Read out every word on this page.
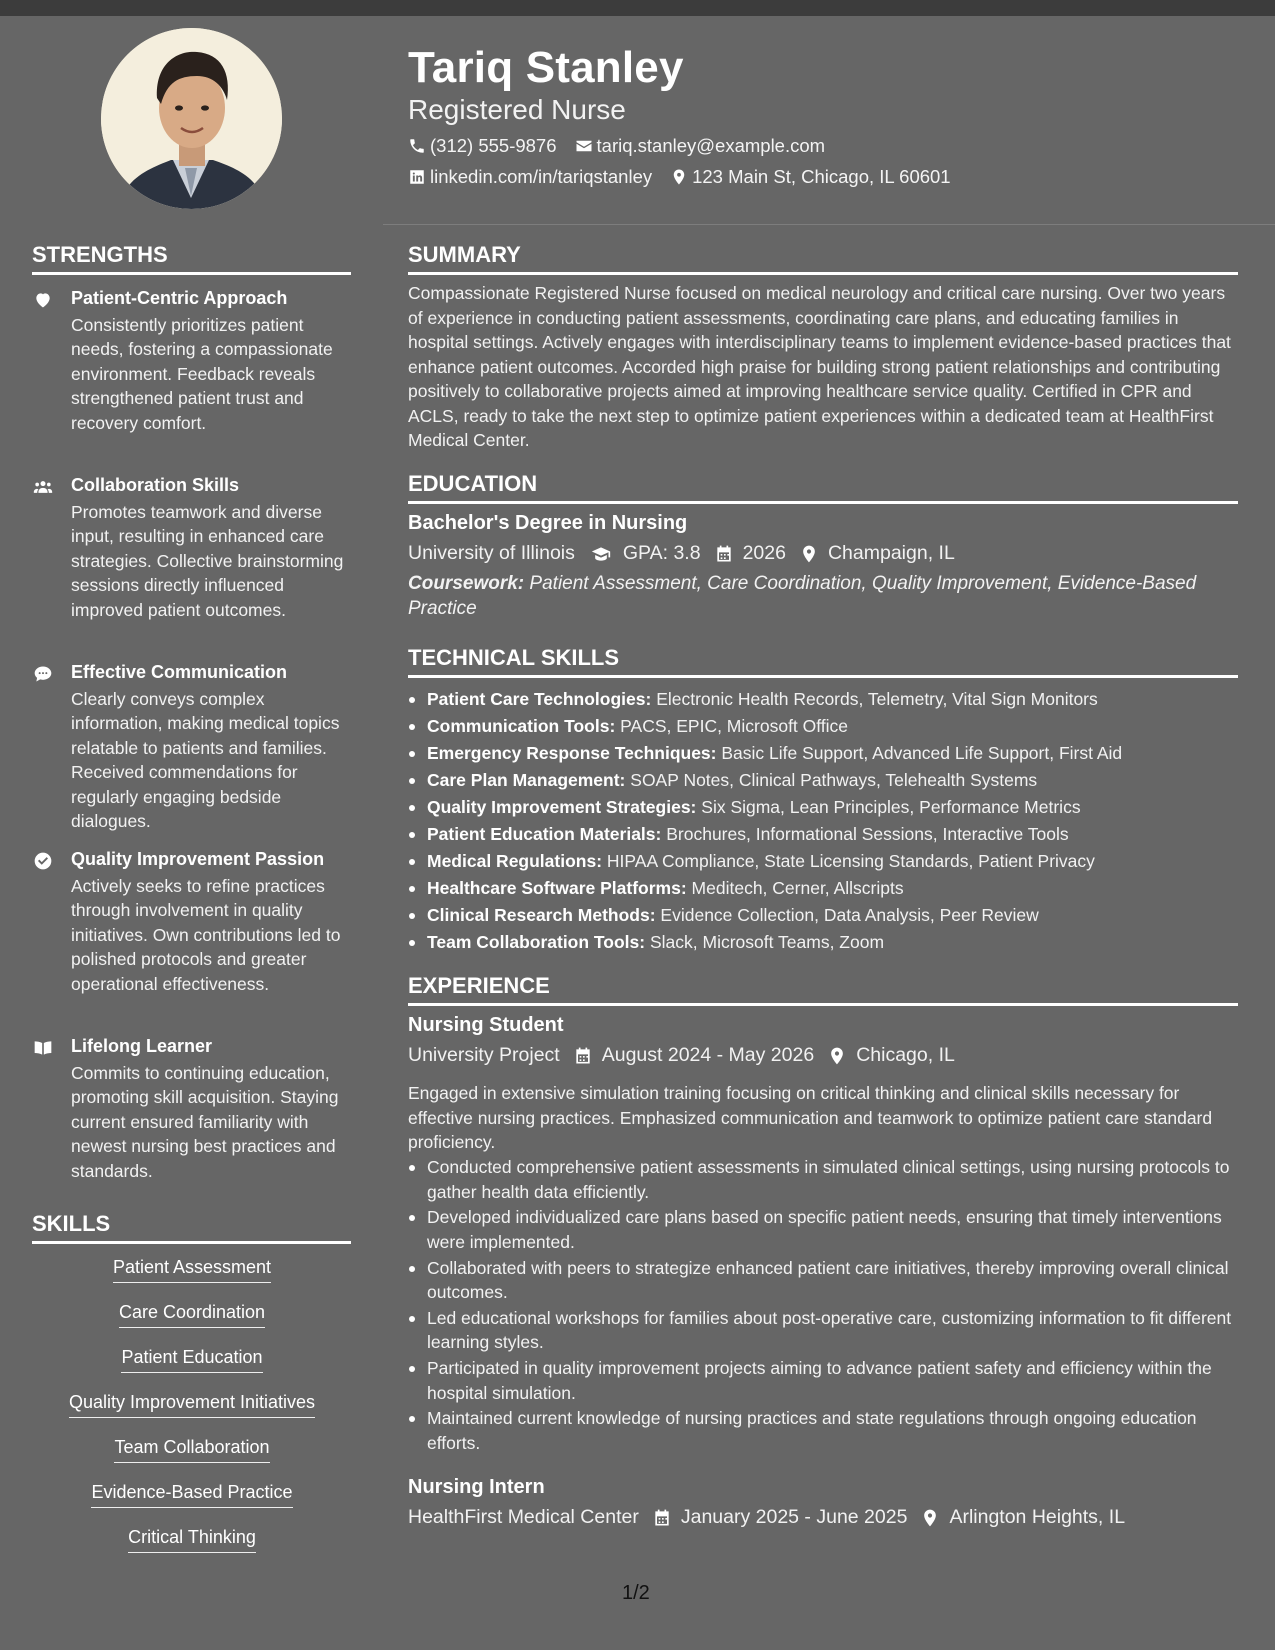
Tariq Stanley
Registered Nurse
(312) 555-9876 tariq.stanley@example.com
linkedin.com/in/tariqstanley 123 Main St, Chicago, IL 60601
STRENGTHS
Patient-Centric Approach
Consistently prioritizes patient needs, fostering a compassionate environment. Feedback reveals strengthened patient trust and recovery comfort.
Collaboration Skills
Promotes teamwork and diverse input, resulting in enhanced care strategies. Collective brainstorming sessions directly influenced improved patient outcomes.
Effective Communication
Clearly conveys complex information, making medical topics relatable to patients and families. Received commendations for regularly engaging bedside dialogues.
Quality Improvement Passion
Actively seeks to refine practices through involvement in quality initiatives. Own contributions led to polished protocols and greater operational effectiveness.
Lifelong Learner
Commits to continuing education, promoting skill acquisition. Staying current ensured familiarity with newest nursing best practices and standards.
SKILLS
Patient Assessment
Care Coordination
Patient Education
Quality Improvement Initiatives
Team Collaboration
Evidence-Based Practice
Critical Thinking
SUMMARY
Compassionate Registered Nurse focused on medical neurology and critical care nursing. Over two years of experience in conducting patient assessments, coordinating care plans, and educating families in hospital settings. Actively engages with interdisciplinary teams to implement evidence-based practices that enhance patient outcomes. Accorded high praise for building strong patient relationships and contributing positively to collaborative projects aimed at improving healthcare service quality. Certified in CPR and ACLS, ready to take the next step to optimize patient experiences within a dedicated team at HealthFirst Medical Center.
EDUCATION
Bachelor's Degree in Nursing
University of Illinois GPA: 3.8 2026 Champaign, IL
Coursework: Patient Assessment, Care Coordination, Quality Improvement, Evidence-Based Practice
TECHNICAL SKILLS
Patient Care Technologies: Electronic Health Records, Telemetry, Vital Sign Monitors
Communication Tools: PACS, EPIC, Microsoft Office
Emergency Response Techniques: Basic Life Support, Advanced Life Support, First Aid
Care Plan Management: SOAP Notes, Clinical Pathways, Telehealth Systems
Quality Improvement Strategies: Six Sigma, Lean Principles, Performance Metrics
Patient Education Materials: Brochures, Informational Sessions, Interactive Tools
Medical Regulations: HIPAA Compliance, State Licensing Standards, Patient Privacy
Healthcare Software Platforms: Meditech, Cerner, Allscripts
Clinical Research Methods: Evidence Collection, Data Analysis, Peer Review
Team Collaboration Tools: Slack, Microsoft Teams, Zoom
EXPERIENCE
Nursing Student
University Project August 2024 - May 2026 Chicago, IL
Engaged in extensive simulation training focusing on critical thinking and clinical skills necessary for effective nursing practices. Emphasized communication and teamwork to optimize patient care standard proficiency.
Conducted comprehensive patient assessments in simulated clinical settings, using nursing protocols to gather health data efficiently.
Developed individualized care plans based on specific patient needs, ensuring that timely interventions were implemented.
Collaborated with peers to strategize enhanced patient care initiatives, thereby improving overall clinical outcomes.
Led educational workshops for families about post-operative care, customizing information to fit different learning styles.
Participated in quality improvement projects aiming to advance patient safety and efficiency within the hospital simulation.
Maintained current knowledge of nursing practices and state regulations through ongoing education efforts.
Nursing Intern
HealthFirst Medical Center January 2025 - June 2025 Arlington Heights, IL
1/2
